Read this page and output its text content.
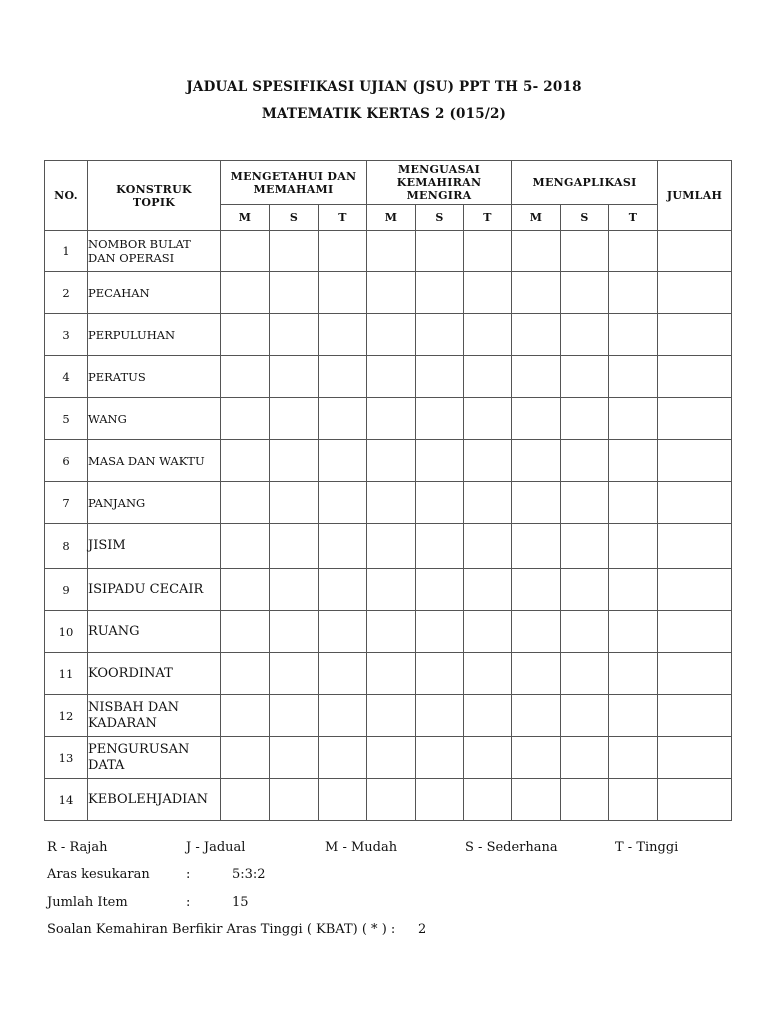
JADUAL SPESIFIKASI UJIAN (JSU) PPT TH 5- 2018
MATEMATIK KERTAS 2 (015/2)
NO.	KONSTRUK TOPIK	MENGETAHUI DAN MEMAHAMI			MENGUASAI KEMAHIRAN MENGIRA			MENGAPLIKASI			JUMLAH
		M	S	T	M	S	T	M	S	T	
1	NOMBOR BULAT DAN OPERASI										
2	PECAHAN										
3	PERPULUHAN										
4	PERATUS										
5	WANG										
6	MASA DAN WAKTU										
7	PANJANG										
8	JISIM										
9	ISIPADU CECAIR										
10	RUANG										
11	KOORDINAT										
12	NISBAH DAN KADARAN										
13	PENGURUSAN DATA										
14	KEBOLEHJADIAN										
R - Rajah	J - Jadual	M - Mudah	S - Sederhana	T - Tinggi
Aras kesukaran	:	5:3:2
Jumlah Item	:	15
Soalan Kemahiran Berfikir Aras Tinggi ( KBAT) ( * ) : 2
